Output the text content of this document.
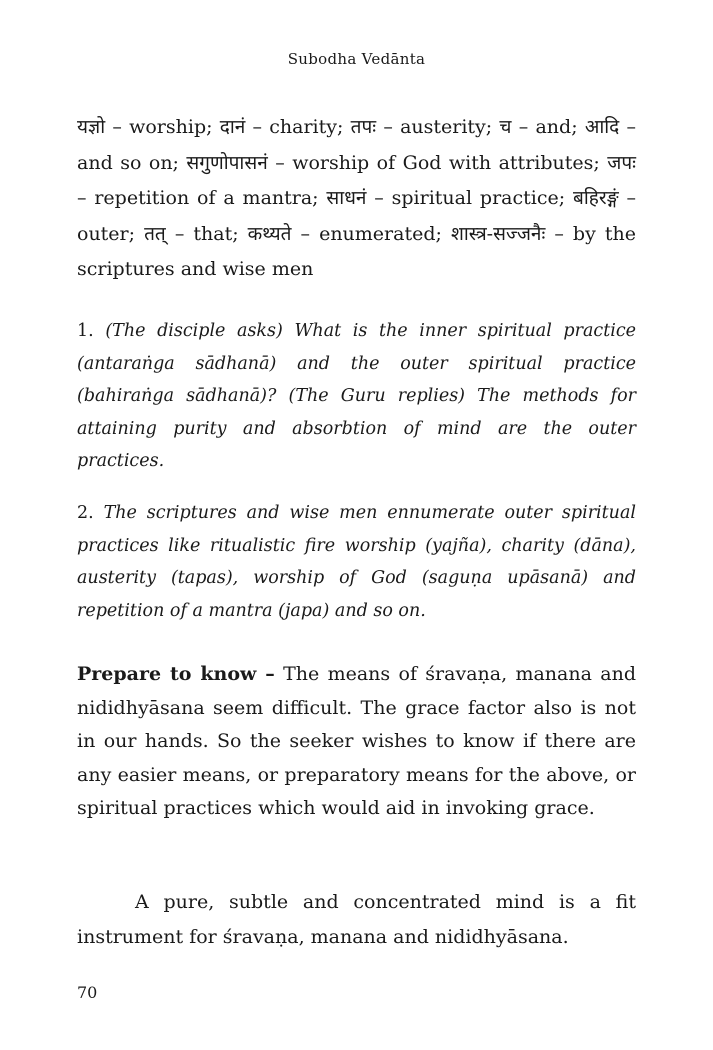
Subodha Vedānta

यज्ञो – worship; दानं – charity; तपः – austerity; च – and; आदि – and so on; सगुणोपासनं – worship of God with attributes; जपः – repetition of a mantra; साधनं – spiritual practice; बहिरङ्गं – outer; तत् – that; कथ्यते – enumerated; शास्त्र-सज्जनैः – by the scriptures and wise men

1. (The disciple asks) What is the inner spiritual practice (antaraṅga sādhanā) and the outer spiritual practice (bahiraṅga sādhanā)? (The Guru replies) The methods for attaining purity and absorbtion of mind are the outer practices.

2. The scriptures and wise men ennumerate outer spiritual practices like ritualistic fire worship (yajña), charity (dāna), austerity (tapas), worship of God (saguṇa upāsanā) and repetition of a mantra (japa) and so on.

Prepare to know – The means of śravaṇa, manana and nididhyāsana seem difficult. The grace factor also is not in our hands. So the seeker wishes to know if there are any easier means, or preparatory means for the above, or spiritual practices which would aid in invoking grace.

A pure, subtle and concentrated mind is a fit instrument for śravaṇa, manana and nididhyāsana.

70
